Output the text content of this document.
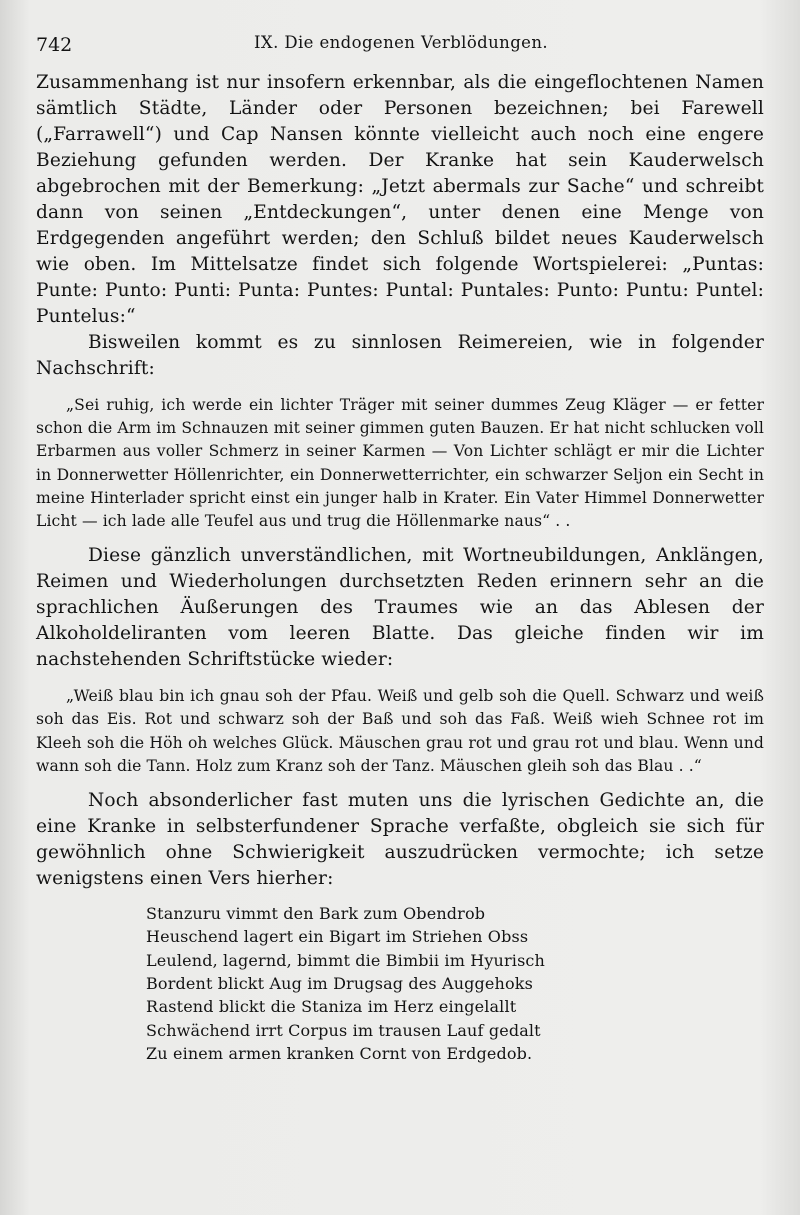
742	IX. Die endogenen Verblödungen.

Zusammenhang ist nur insofern erkennbar, als die eingeflochtenen Namen sämtlich Städte, Länder oder Personen bezeichnen; bei Farewell („Farrawell“) und Cap Nansen könnte vielleicht auch noch eine engere Beziehung gefunden werden. Der Kranke hat sein Kauderwelsch abgebrochen mit der Bemerkung: „Jetzt abermals zur Sache“ und schreibt dann von seinen „Entdeckungen“, unter denen eine Menge von Erdgegenden angeführt werden; den Schluß bildet neues Kauderwelsch wie oben. Im Mittelsatze findet sich folgende Wortspielerei: „Puntas: Punte: Punto: Punti: Punta: Puntes: Puntal: Puntales: Punto: Puntu: Puntel: Puntelus:“

Bisweilen kommt es zu sinnlosen Reimereien, wie in folgender Nachschrift:

„Sei ruhig, ich werde ein lichter Träger mit seiner dummes Zeug Kläger — er fetter schon die Arm im Schnauzen mit seiner gimmen guten Bauzen. Er hat nicht schlucken voll Erbarmen aus voller Schmerz in seiner Karmen — Von Lichter schlägt er mir die Lichter in Donnerwetter Höllenrichter, ein Donnerwetterrichter, ein schwarzer Seljon ein Secht in meine Hinterlader spricht einst ein junger halb in Krater. Ein Vater Himmel Donnerwetter Licht — ich lade alle Teufel aus und trug die Höllenmarke naus“ . .

Diese gänzlich unverständlichen, mit Wortneubildungen, Anklängen, Reimen und Wiederholungen durchsetzten Reden erinnern sehr an die sprachlichen Äußerungen des Traumes wie an das Ablesen der Alkoholdeliranten vom leeren Blatte. Das gleiche finden wir im nachstehenden Schriftstücke wieder:

„Weiß blau bin ich gnau soh der Pfau. Weiß und gelb soh die Quell. Schwarz und weiß soh das Eis. Rot und schwarz soh der Baß und soh das Faß. Weiß wieh Schnee rot im Kleeh soh die Höh oh welches Glück. Mäuschen grau rot und grau rot und blau. Wenn und wann soh die Tann. Holz zum Kranz soh der Tanz. Mäuschen gleih soh das Blau . .“

Noch absonderlicher fast muten uns die lyrischen Gedichte an, die eine Kranke in selbsterfundener Sprache verfaßte, obgleich sie sich für gewöhnlich ohne Schwierigkeit auszudrücken vermochte; ich setze wenigstens einen Vers hierher:

Stanzuru vimmt den Bark zum Obendrob
Heuschend lagert ein Bigart im Striehen Obss
Leulend, lagernd, bimmt die Bimbii im Hyurisch
Bordent blickt Aug im Drugsag des Auggehoks
Rastend blickt die Staniza im Herz eingelallt
Schwächend irrt Corpus im trausen Lauf gedalt
Zu einem armen kranken Cornt von Erdgedob.
